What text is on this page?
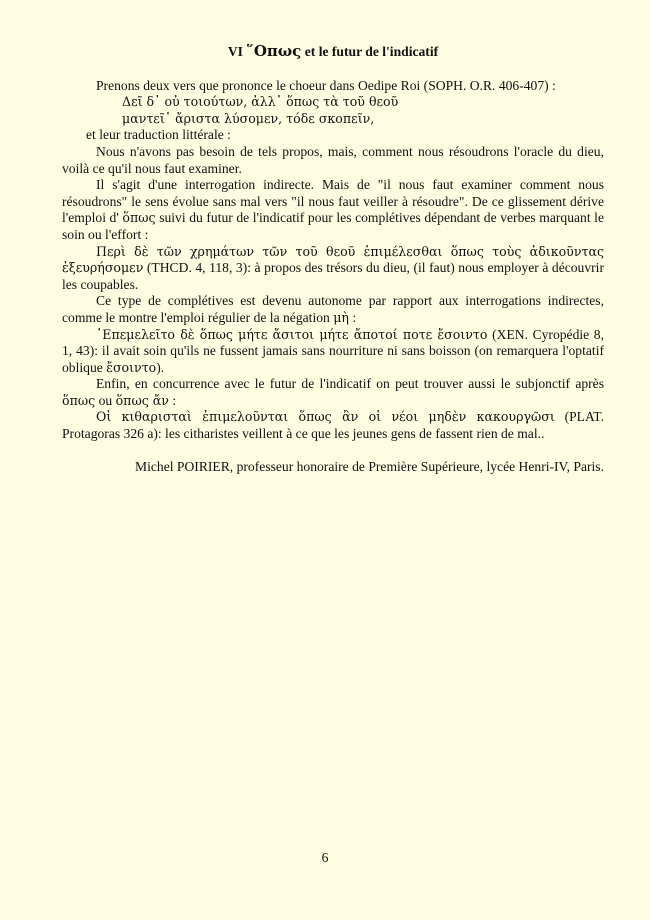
VI ῞Οπως et le futur de l'indicatif

Prenons deux vers que prononce le choeur dans Oedipe Roi (SOPH. O.R. 406-407) :

Δεῖ δ᾽ οὐ τοιούτων, ἀλλ᾽ ὅπως τὰ τοῦ θεοῦ

μαντεῖ᾽ ἄριστα λύσομεν, τόδε σκοπεῖν,

et leur traduction littérale :

Nous n'avons pas besoin de tels propos, mais, comment nous résoudrons l'oracle du dieu, voilà ce qu'il nous faut examiner.

Il s'agit d'une interrogation indirecte. Mais de "il nous faut examiner comment nous résoudrons" le sens évolue sans mal vers "il nous faut veiller à résoudre". De ce glissement dérive l'emploi d' ὅπως suivi du futur de l'indicatif pour les complétives dépendant de verbes marquant le soin ou l'effort :

Περὶ δὲ τῶν χρημάτων τῶν τοῦ θεοῦ ἐπιμέλεσθαι ὅπως τοὺς ἀδικοῦντας ἐξευρήσομεν (THCD. 4, 118, 3): à propos des trésors du dieu, (il faut) nous employer à découvrir les coupables.

Ce type de complétives est devenu autonome par rapport aux interrogations indirectes, comme le montre l'emploi régulier de la négation μὴ :

᾽Επεμελεῖτο δὲ ὅπως μήτε ἄσιτοι μήτε ἄποτοί ποτε ἔσοιντο (XEN. Cyropédie 8, 1, 43): il avait soin qu'ils ne fussent jamais sans nourriture ni sans boisson (on remarquera l'optatif oblique ἔσοιντο).

Enfin, en concurrence avec le futur de l'indicatif on peut trouver aussi le subjonctif après ὅπως ou ὅπως ἄν :

Οἱ κιθαρισταὶ ἐπιμελοῦνται ὅπως ἂν οἱ νέοι μηδὲν κακουργῶσι (PLAT. Protagoras 326 a): les citharistes veillent à ce que les jeunes gens de fassent rien de mal..

Michel POIRIER, professeur honoraire de Première Supérieure, lycée Henri-IV, Paris.

6
